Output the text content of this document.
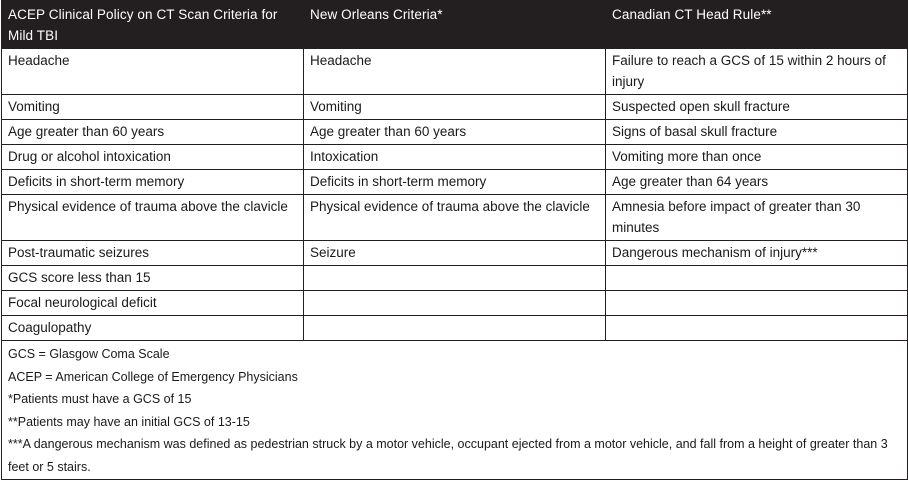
ACEP Clinical Policy on CT Scan Criteria for Mild TBI	New Orleans Criteria*	Canadian CT Head Rule**
Headache	Headache	Failure to reach a GCS of 15 within 2 hours of injury
Vomiting	Vomiting	Suspected open skull fracture
Age greater than 60 years	Age greater than 60 years	Signs of basal skull fracture
Drug or alcohol intoxication	Intoxication	Vomiting more than once
Deficits in short-term memory	Deficits in short-term memory	Age greater than 64 years
Physical evidence of trauma above the clavicle	Physical evidence of trauma above the clavicle	Amnesia before impact of greater than 30 minutes
Post-traumatic seizures	Seizure	Dangerous mechanism of injury***
GCS score less than 15		
Focal neurological deficit		
Coagulopathy		

GCS = Glasgow Coma Scale
ACEP = American College of Emergency Physicians
*Patients must have a GCS of 15
**Patients may have an initial GCS of 13-15
***A dangerous mechanism was defined as pedestrian struck by a motor vehicle, occupant ejected from a motor vehicle, and fall from a height of greater than 3 feet or 5 stairs.		
